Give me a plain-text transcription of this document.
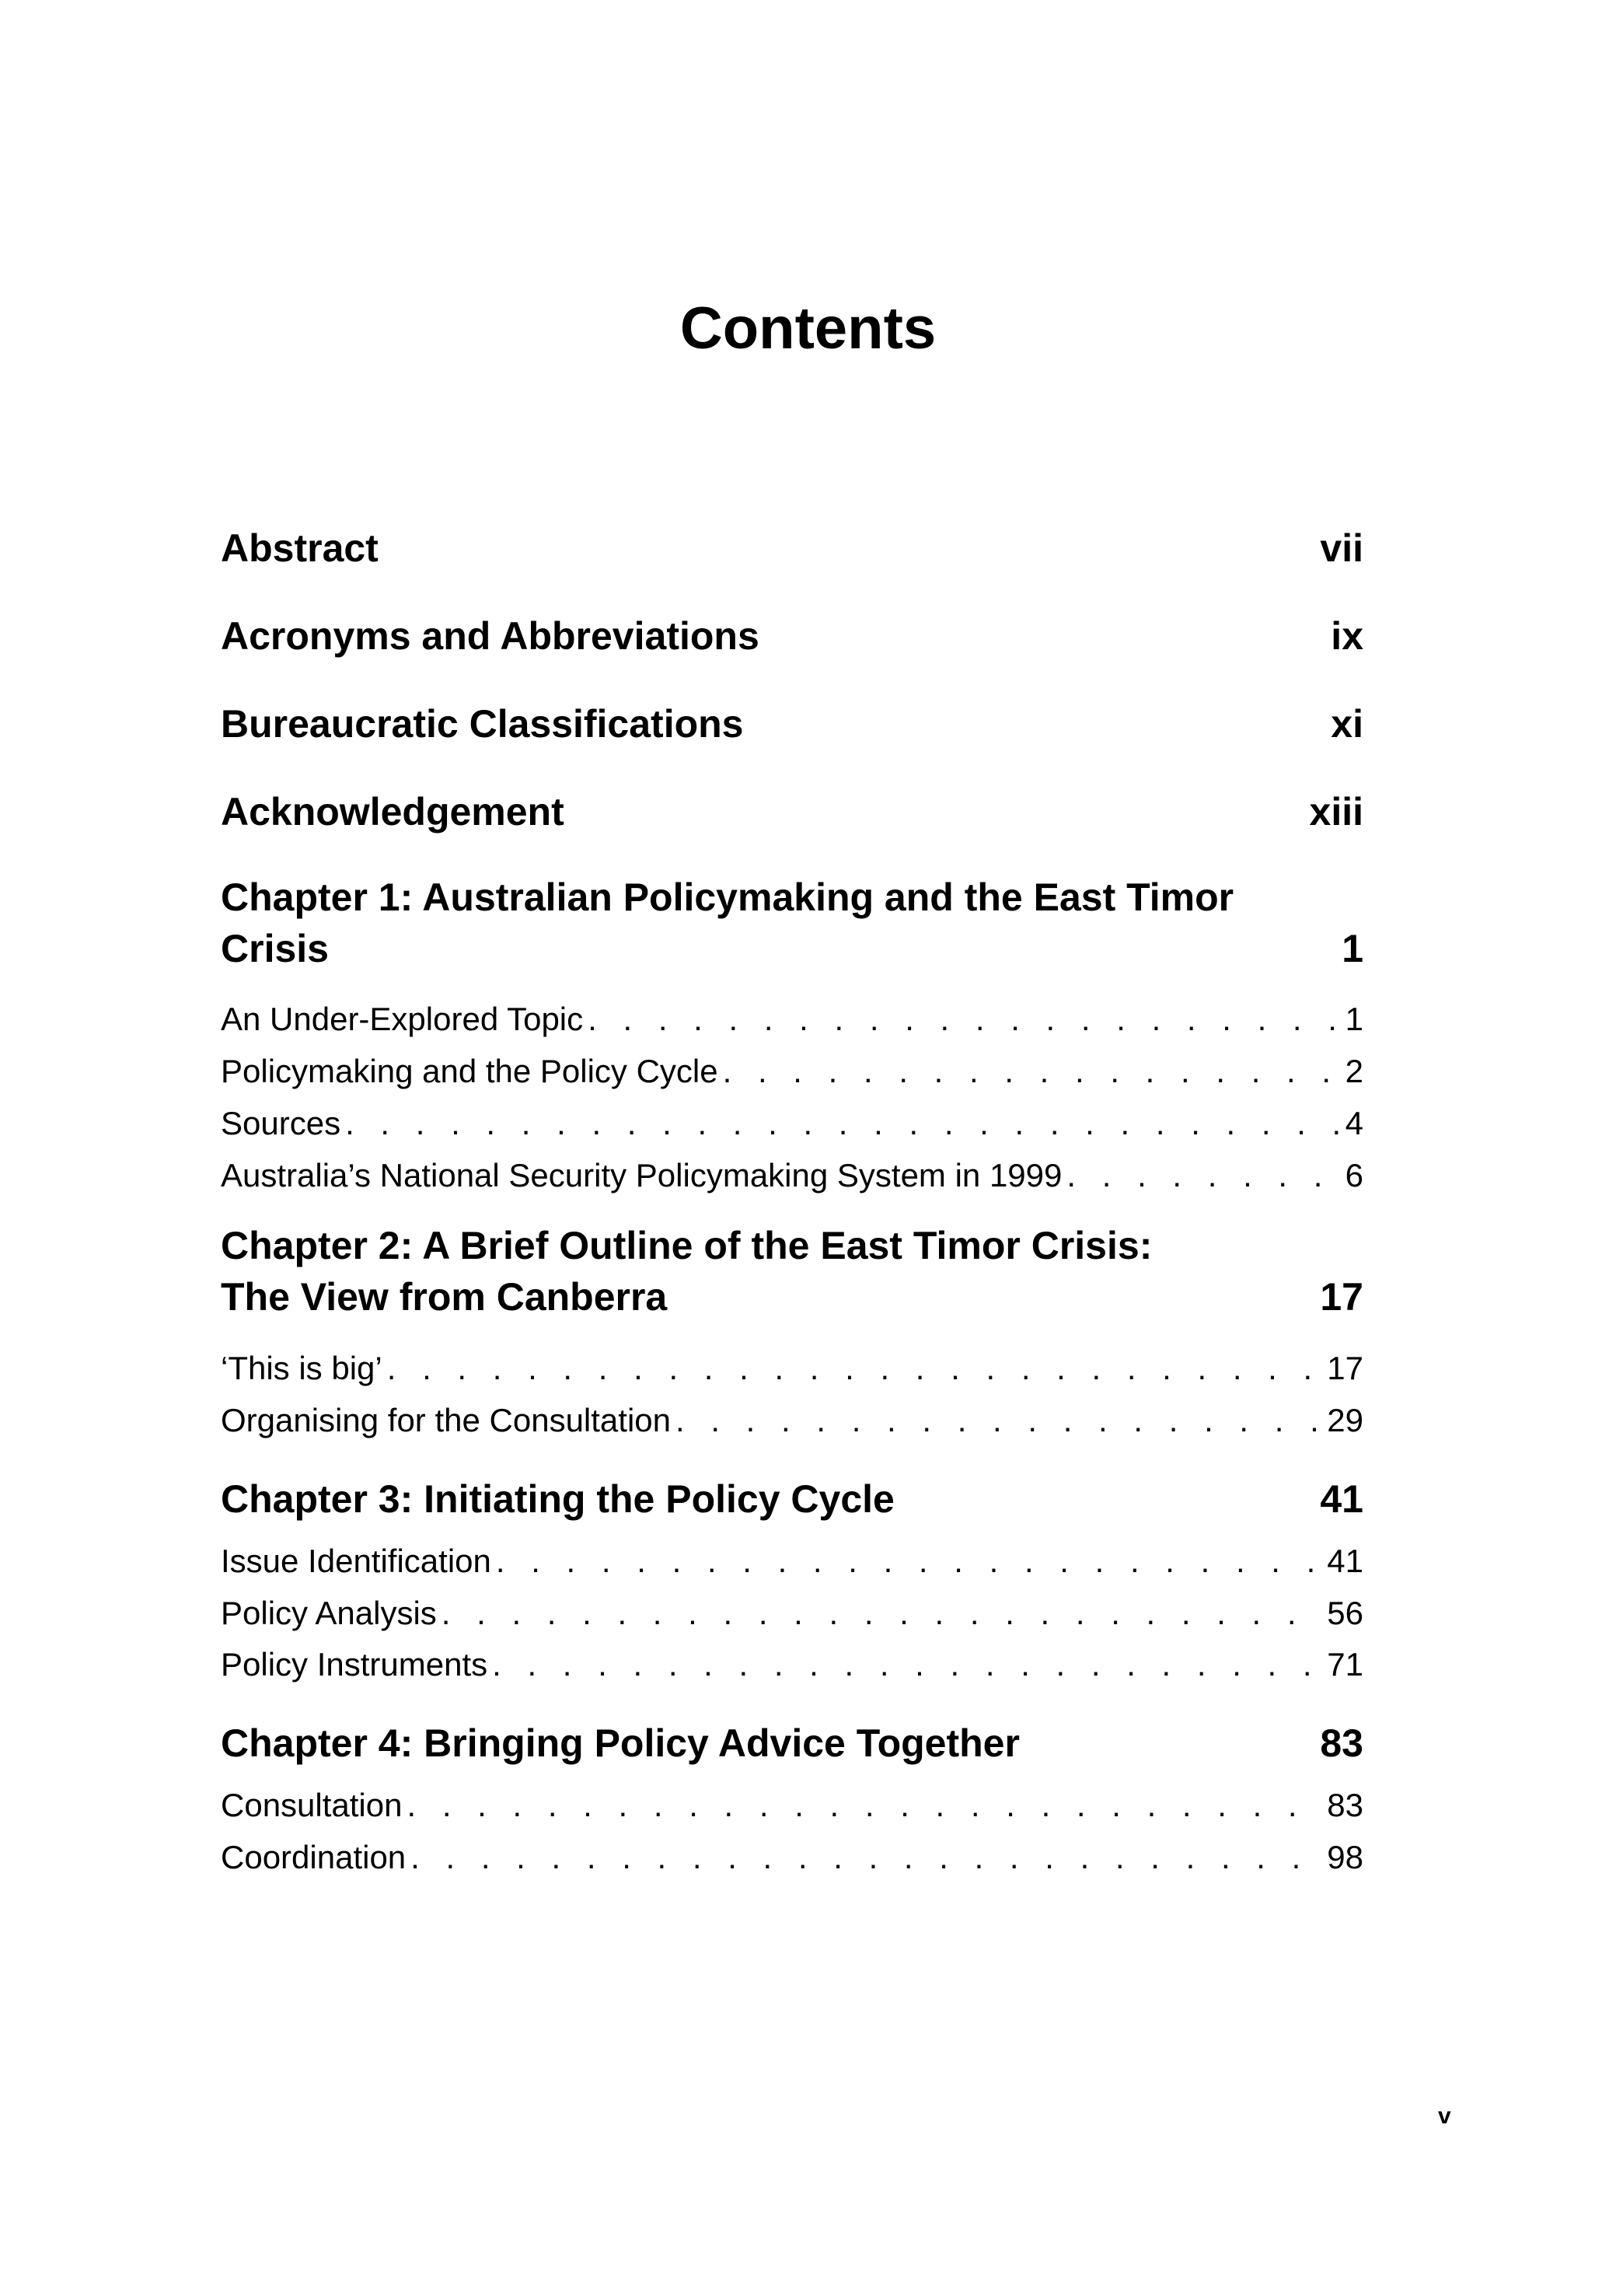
Contents
Abstract	vii
Acronyms and Abbreviations	ix
Bureaucratic Classifications	xi
Acknowledgement	xiii
Chapter 1: Australian Policymaking and the East Timor
Crisis	1
An Under-Explored Topic . . .	1
Policymaking and the Policy Cycle . . .	2
Sources . . .	4
Australia’s National Security Policymaking System in 1999 . . .	6
Chapter 2: A Brief Outline of the East Timor Crisis:
The View from Canberra	17
‘This is big’ . . .	17
Organising for the Consultation . . .	29
Chapter 3: Initiating the Policy Cycle	41
Issue Identification . . .	41
Policy Analysis . . .	56
Policy Instruments . . .	71
Chapter 4: Bringing Policy Advice Together	83
Consultation . . .	83
Coordination . . .	98
v
